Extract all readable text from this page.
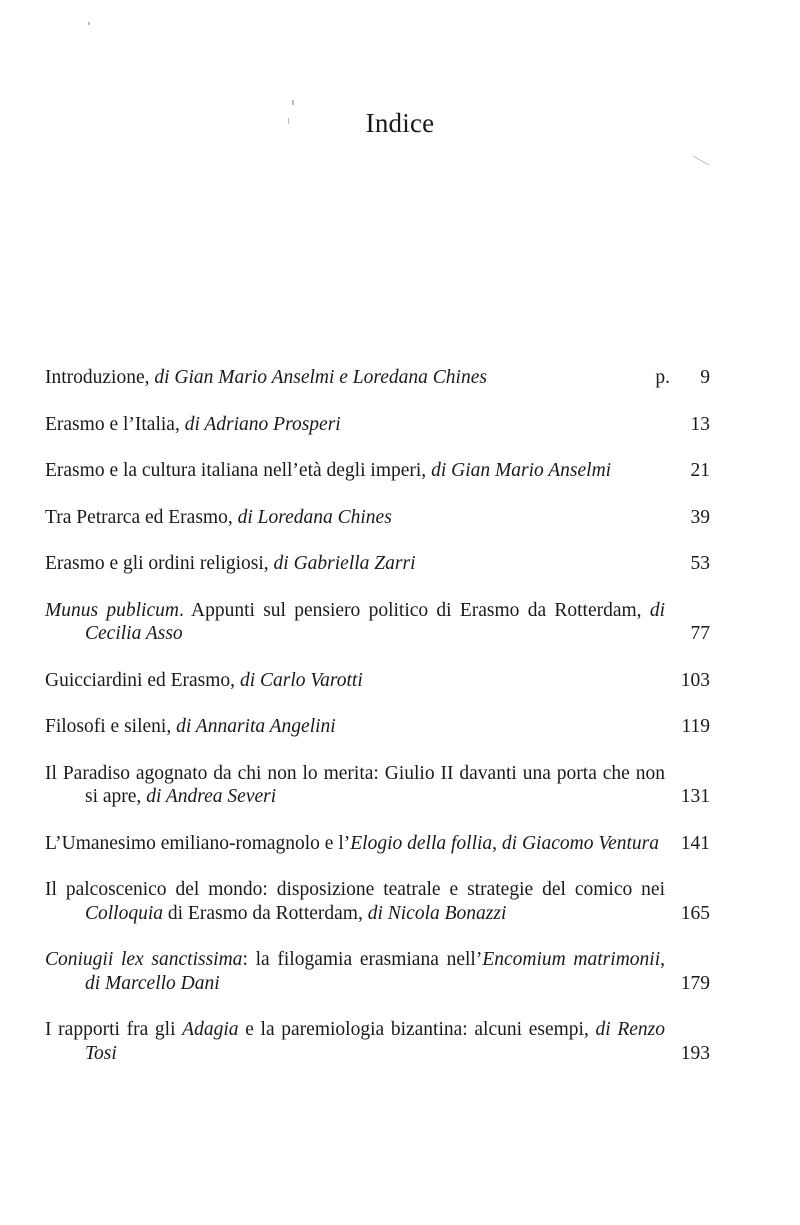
Indice
Introduzione, di Gian Mario Anselmi e Loredana Chines	p. 9
Erasmo e l’Italia, di Adriano Prosperi	13
Erasmo e la cultura italiana nell’età degli imperi, di Gian Mario Anselmi	21
Tra Petrarca ed Erasmo, di Loredana Chines	39
Erasmo e gli ordini religiosi, di Gabriella Zarri	53
Munus publicum. Appunti sul pensiero politico di Erasmo da Rotterdam, di Cecilia Asso	77
Guicciardini ed Erasmo, di Carlo Varotti	103
Filosofi e sileni, di Annarita Angelini	119
Il Paradiso agognato da chi non lo merita: Giulio II davanti una porta che non si apre, di Andrea Severi	131
L’Umanesimo emiliano-romagnolo e l’Elogio della follia, di Giacomo Ventura	141
Il palcoscenico del mondo: disposizione teatrale e strategie del comico nei Colloquia di Erasmo da Rotterdam, di Nicola Bonazzi	165
Coniugii lex sanctissima: la filogamia erasmiana nell’Encomium matrimonii, di Marcello Dani	179
I rapporti fra gli Adagia e la paremiologia bizantina: alcuni esempi, di Renzo Tosi	193
